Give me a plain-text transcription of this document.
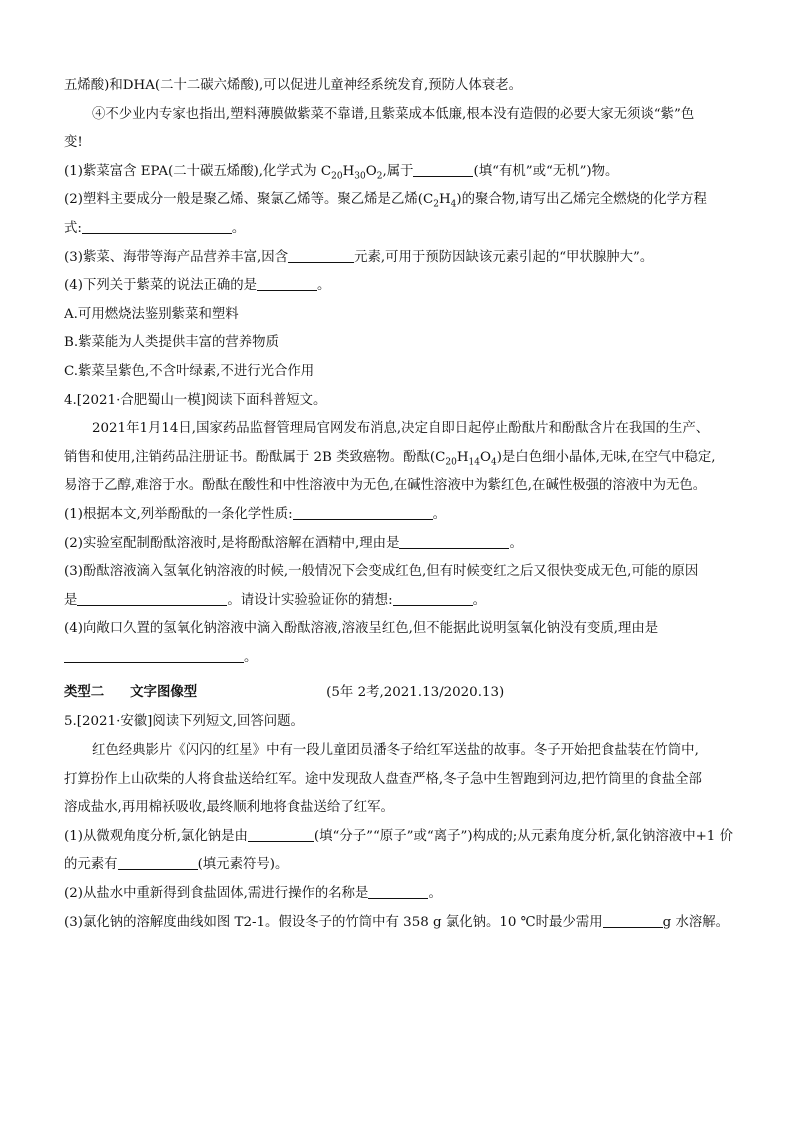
五烯酸)和DHA(二十二碳六烯酸),可以促进儿童神经系统发育,预防人体衰老。
④不少业内专家也指出,塑料薄膜做紫菜不靠谱,且紫菜成本低廉,根本没有造假的必要大家无须谈“紫”色
变!
(1)紫菜富含 EPA(二十碳五烯酸),化学式为 $C_{20}H_{30}O_2$,属于	(填“有机”或“无机”)物。
(2)塑料主要成分一般是聚乙烯、聚氯乙烯等。聚乙烯是乙烯$(C_2H_4)$的聚合物,请写出乙烯完全燃烧的化学方程
式:	。
(3)紫菜、海带等海产品营养丰富,因含	元素,可用于预防因缺该元素引起的“甲状腺肿大”。
(4)下列关于紫菜的说法正确的是	。
A.可用燃烧法鉴别紫菜和塑料
B.紫菜能为人类提供丰富的营养物质
C.紫菜呈紫色,不含叶绿素,不进行光合作用
4.[2021·合肥蜀山一模]阅读下面科普短文。
2021年1月14日,国家药品监督管理局官网发布消息,决定自即日起停止酚酞片和酚酞含片在我国的生产、
销售和使用,注销药品注册证书。酚酞属于 2B 类致癌物。酚酞$(C_{20}H_{14}O_4)$是白色细小晶体,无味,在空气中稳定,
易溶于乙醇,难溶于水。酚酞在酸性和中性溶液中为无色,在碱性溶液中为紫红色,在碱性极强的溶液中为无色。
(1)根据本文,列举酚酞的一条化学性质:	。
(2)实验室配制酚酞溶液时,是将酚酞溶解在酒精中,理由是	。
(3)酚酞溶液滴入氢氧化钠溶液的时候,一般情况下会变成红色,但有时候变红之后又很快变成无色,可能的原因
是	。请设计实验验证你的猜想:	。
(4)向敞口久置的氢氧化钠溶液中滴入酚酞溶液,溶液呈红色,但不能据此说明氢氧化钠没有变质,理由是
。
类型二 文字图像型	(5年 2考,2021.13/2020.13)
5.[2021·安徽]阅读下列短文,回答问题。
红色经典影片《闪闪的红星》中有一段儿童团员潘冬子给红军送盐的故事。冬子开始把食盐装在竹筒中,
打算扮作上山砍柴的人将食盐送给红军。途中发现敌人盘查严格,冬子急中生智跑到河边,把竹筒里的食盐全部
溶成盐水,再用棉袄吸收,最终顺利地将食盐送给了红军。
(1)从微观角度分析,氯化钠是由	(填“分子”“原子”或“离子”)构成的;从元素角度分析,氯化钠溶液中+1 价
的元素有	(填元素符号)。
(2)从盐水中重新得到食盐固体,需进行操作的名称是	。
(3)氯化钠的溶解度曲线如图 T2-1。假设冬子的竹筒中有 358 g 氯化钠。10 ℃时最少需用	g 水溶解。
